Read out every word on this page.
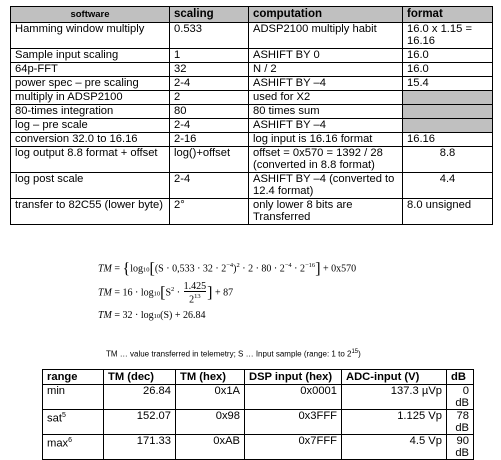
software	scaling	computation	format
Hamming window multiply	0.533	ADSP2100 multiply habit	16.0 x 1.15 = 16.16
Sample input scaling	1	ASHIFT BY 0	16.0
64p-FFT	32	N / 2	16.0
power spec – pre scaling	2-4	ASHIFT BY –4	15.4
multiply in ADSP2100	2	used for X2	
80-times integration	80	80 times sum	
log – pre scale	2-4	ASHIFT BY –4	
conversion 32.0 to 16.16	2-16	log input is 16.16 format	16.16
log output 8.8 format + offset	log()+offset	offset = 0x570 = 1392 / 28 (converted in 8.8 format)	8.8
log post scale	2-4	ASHIFT BY –4 (converted to 12.4 format)	4.4
transfer to 82C55 (lower byte)	2°	only lower 8 bits are Transferred	8.0 unsigned
TM = {$\log 10[(S \cdot 0,533 \cdot 32 \cdot 2^{-4})^2 \cdot 2 \cdot 80 \cdot 2^{-4} \cdot 2^{-16}] + 0x570$
TM = $16 \cdot \log 10[S^2 \cdot \frac{1.425}{2^{13}}$ ] + 87
TM = 32 · log10(S) + 26.84
TM … value transferred in telemetry; S … Input sample (range: 1 to $2^{15}$)
range	TM (dec)	TM (hex)	DSP input (hex)	ADC-input (V)	dB
min	26.84	0x1A	0x0001	137.3 µVp	0 dB
sat$^5$	152.07	0x98	0x3FFF	1.125 Vp	78 dB
$\max^6$	171.33	0xAB	0x7FFF	4.5 Vp	90 dB
